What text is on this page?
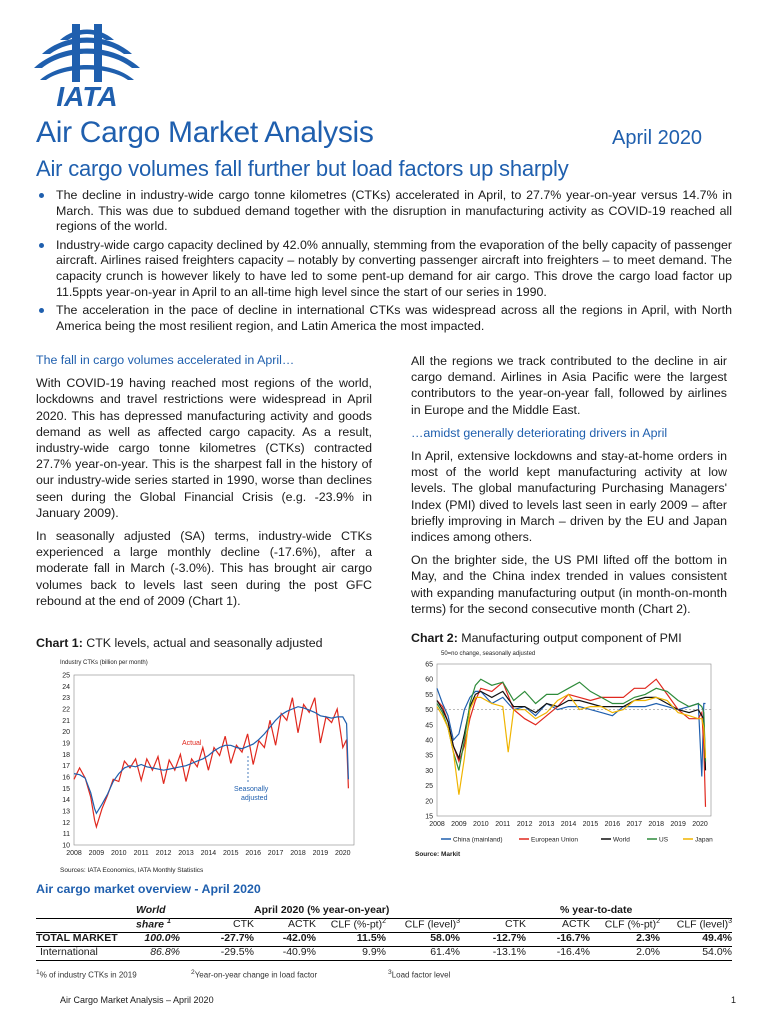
IATA
Air Cargo Market Analysis	April 2020
Air cargo volumes fall further but load factors up sharply
The decline in industry-wide cargo tonne kilometres (CTKs) accelerated in April, to 27.7% year-on-year versus 14.7% in March. This was due to subdued demand together with the disruption in manufacturing activity as COVID-19 reached all regions of the world.
Industry-wide cargo capacity declined by 42.0% annually, stemming from the evaporation of the belly capacity of passenger aircraft. Airlines raised freighters capacity – notably by converting passenger aircraft into freighters – to meet demand. The capacity crunch is however likely to have led to some pent-up demand for air cargo. This drove the cargo load factor up 11.5ppts year-on-year in April to an all-time high level since the start of our series in 1990.
The acceleration in the pace of decline in international CTKs was widespread across all the regions in April, with North America being the most resilient region, and Latin America the most impacted.
The fall in cargo volumes accelerated in April…

With COVID-19 having reached most regions of the world, lockdowns and travel restrictions were widespread in April 2020. This has depressed manufacturing activity and goods demand as well as affected cargo capacity. As a result, industry-wide cargo tonne kilometres (CTKs) contracted 27.7% year-on-year. This is the sharpest fall in the history of our industry-wide series started in 1990, worse than declines seen during the Global Financial Crisis (e.g. -23.9% in January 2009).

In seasonally adjusted (SA) terms, industry-wide CTKs experienced a large monthly decline (-17.6%), after a moderate fall in March (-3.0%). This has brought air cargo volumes back to levels last seen during the post GFC rebound at the end of 2009 (Chart 1).

All the regions we track contributed to the decline in air cargo demand. Airlines in Asia Pacific were the largest contributors to the year-on-year fall, followed by airlines in Europe and the Middle East.

…amidst generally deteriorating drivers in April

In April, extensive lockdowns and stay-at-home orders in most of the world kept manufacturing activity at low levels. The global manufacturing Purchasing Managers' Index (PMI) dived to levels last seen in early 2009 – after briefly improving in March – driven by the EU and Japan indices among others.

On the brighter side, the US PMI lifted off the bottom in May, and the China index trended in values consistent with expanding manufacturing output (in month-on-month terms) for the second consecutive month (Chart 2).

Chart 1: CTK levels, actual and seasonally adjusted	Chart 2: Manufacturing output component of PMI
Industry CTKs (billion per month)
25
24
23
22
21
20
19
18
17
16
15
14
13
12
11
10
2008 2009 2010 2011 2012 2013 2014 2015 2016 2017 2018 2019 2020
Actual
Seasonally
adjusted
Sources: IATA Economics, IATA Monthly Statistics
50=no change, seasonally adjusted
65
60
55
50
45
40
35
30
25
20
15
2008 2009 2010 2011 2012 2013 2014 2015 2016 2017 2018 2019 2020
China (mainland)	European Union	World	US	Japan
Source: Markit
Air cargo market overview - April 2020
World	April 2020 (% year-on-year)	% year-to-date
share $^1$	CTK	ACTK	CLF $(\%-pt)^2$	CLF (level)$^3$	CTK	ACTK	CLF $(\%-pt)^2$	CLF (level)$^3$
TOTAL MARKET	100.0%	-27.7%	-42.0%	11.5%	58.0%	-12.7%	-16.7%	2.3%	49.4%
International	86.8%	-29.5%	-40.9%	9.9%	61.4%	-13.1%	-16.4%	2.0%	54.0%
$^1$% of industry CTKs in 2019	$^2$Year-on-year change in load factor	$^3$Load factor level
Air Cargo Market Analysis – April 2020	1
